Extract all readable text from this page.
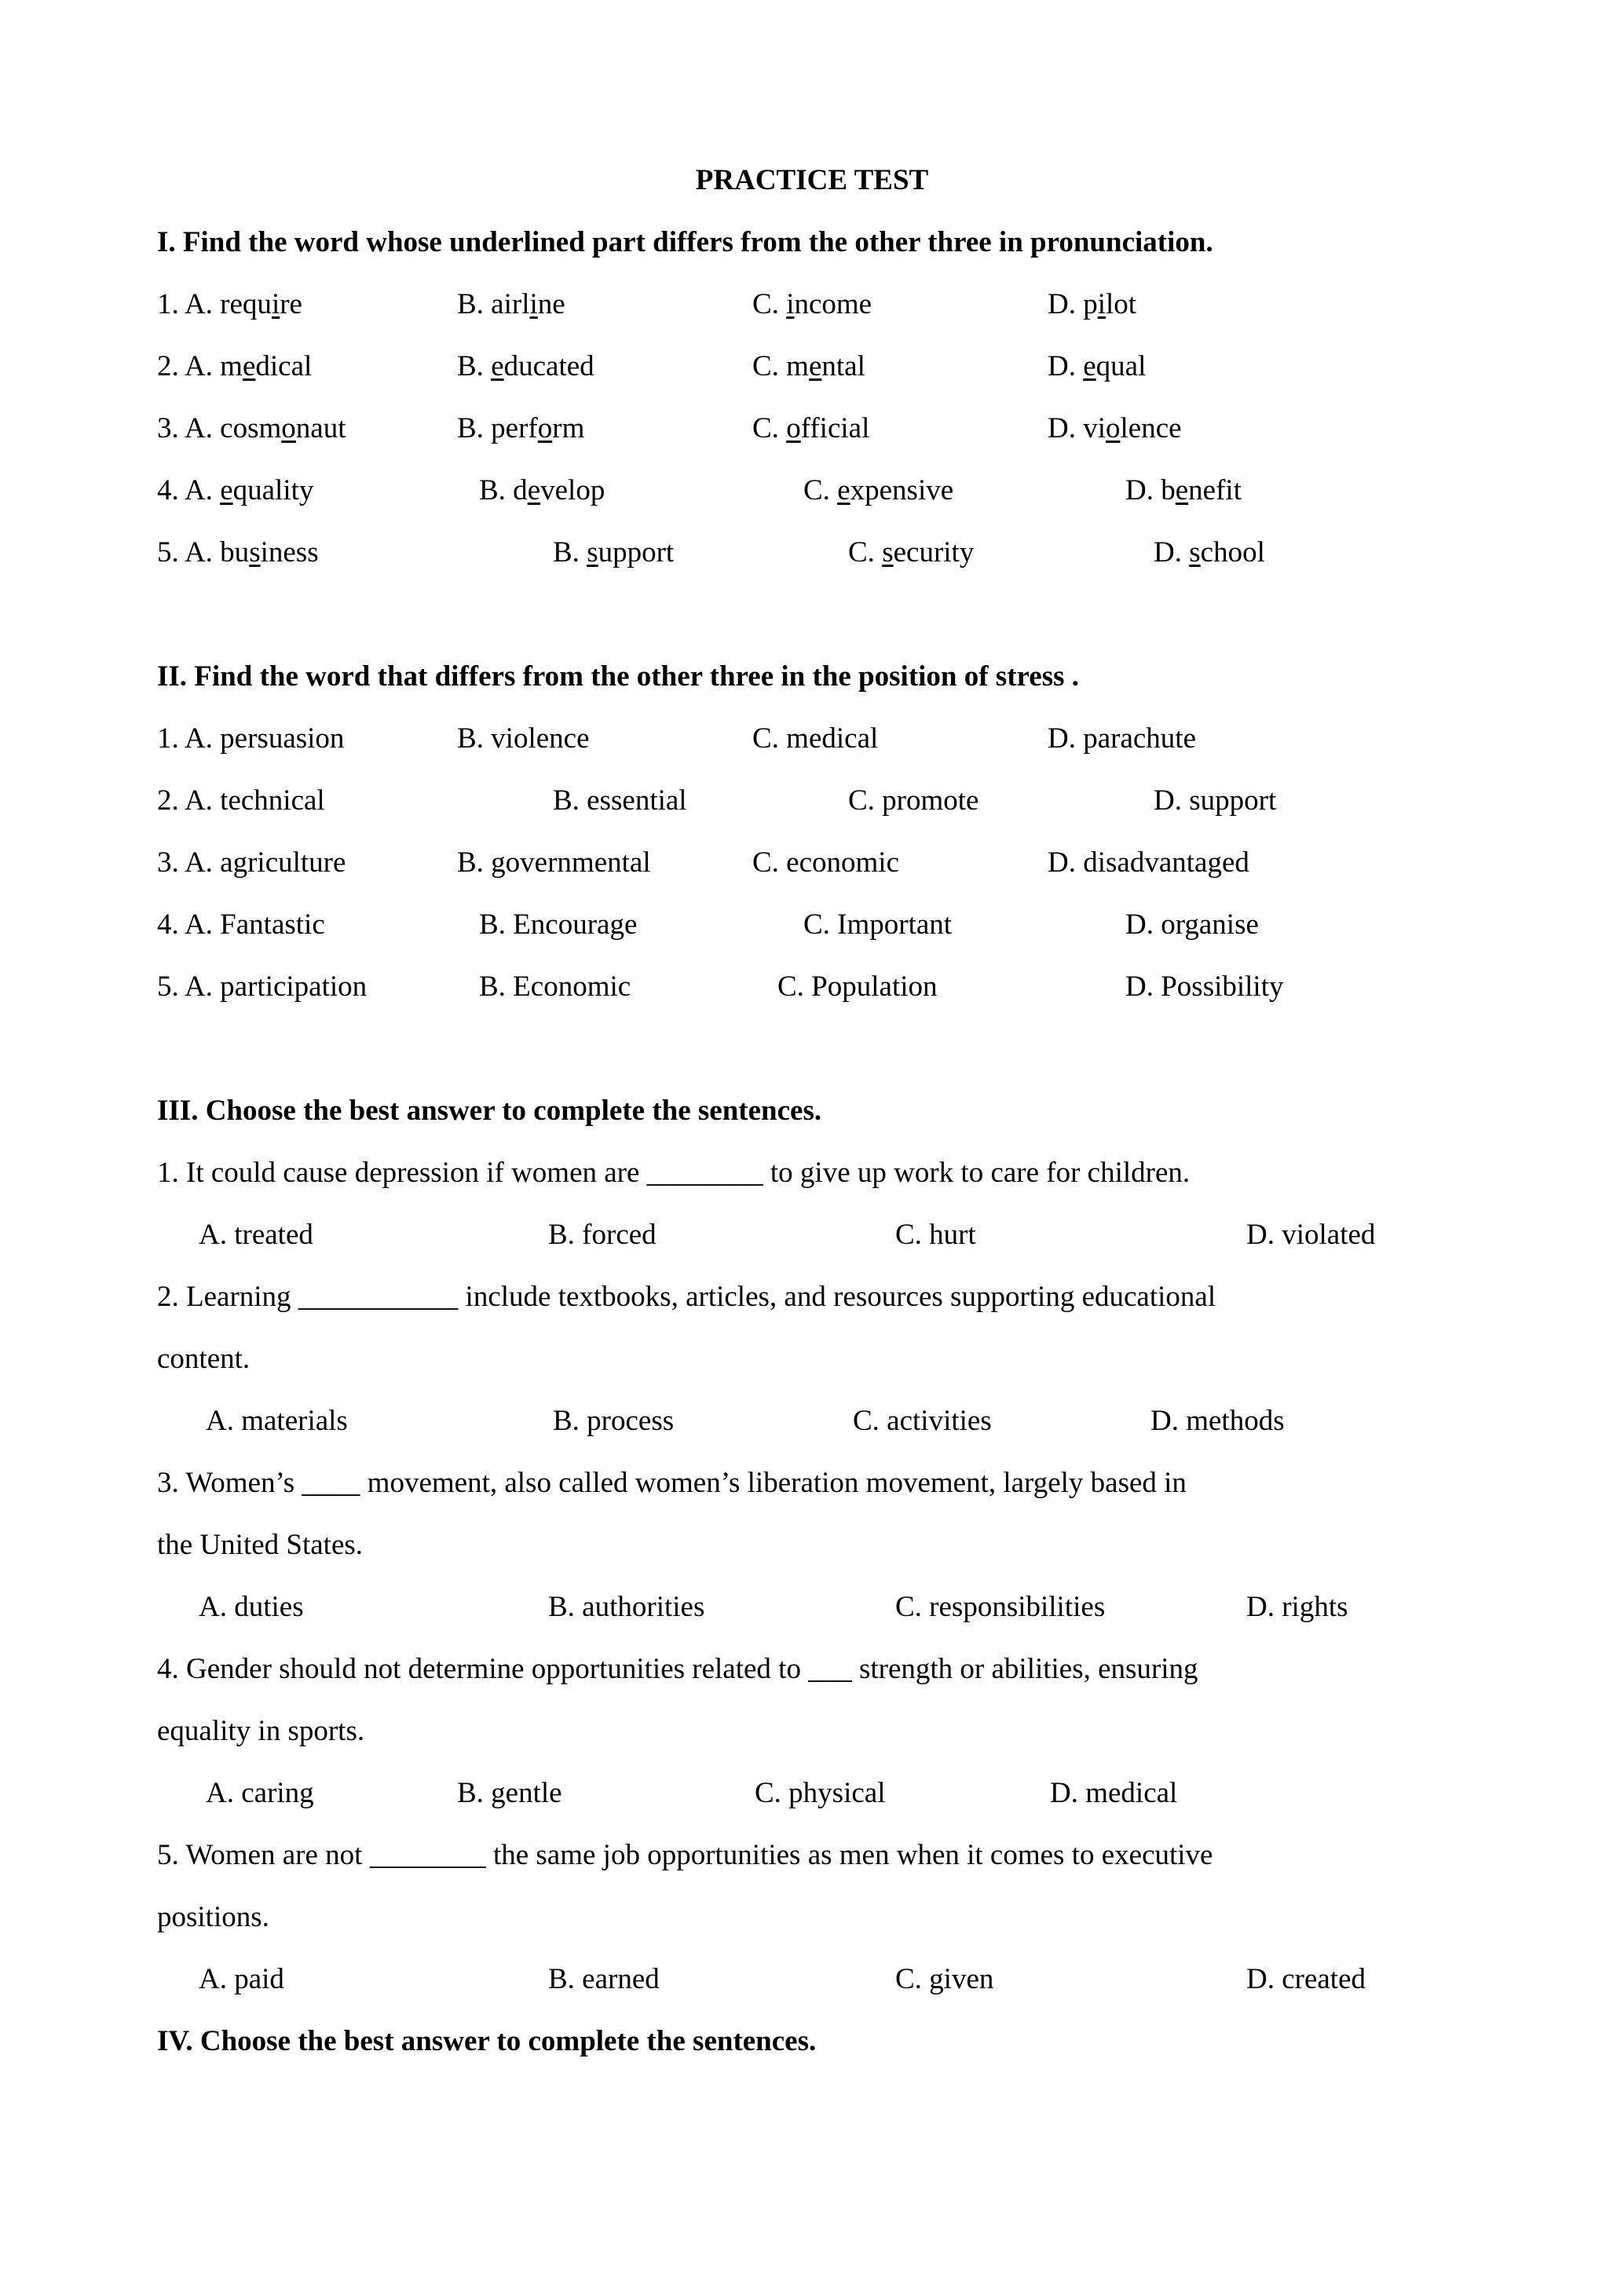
PRACTICE TEST
I. Find the word whose underlined part differs from the other three in pronunciation.
1. A. require	B. airline	C. income	D. pilot
2. A. medical	B. educated	C. mental	D. equal
3. A. cosmonaut	B. perform	C. official	D. violence
4. A. equality	B. develop	C. expensive	D. benefit
5. A. business	B. support	C. security	D. school
II. Find the word that differs from the other three in the position of stress .
1. A. persuasion	B. violence	C. medical	D. parachute
2. A. technical	B. essential	C. promote	D. support
3. A. agriculture	B. governmental	C. economic	D. disadvantaged
4. A. Fantastic	B. Encourage	C. Important	D. organise
5. A. participation	B. Economic	C. Population	D. Possibility
III. Choose the best answer to complete the sentences.
1. It could cause depression if women are ________ to give up work to care for children.
A. treated	B. forced	C. hurt	D. violated
2. Learning ___________ include textbooks, articles, and resources supporting educational
content.
A. materials	B. process	C. activities	D. methods
3. Women’s ____ movement, also called women’s liberation movement, largely based in
the United States.
A. duties	B. authorities	C. responsibilities	D. rights
4. Gender should not determine opportunities related to ___ strength or abilities, ensuring
equality in sports.
A. caring	B. gentle	C. physical	D. medical
5. Women are not ________ the same job opportunities as men when it comes to executive
positions.
A. paid	B. earned	C. given	D. created
IV. Choose the best answer to complete the sentences.
